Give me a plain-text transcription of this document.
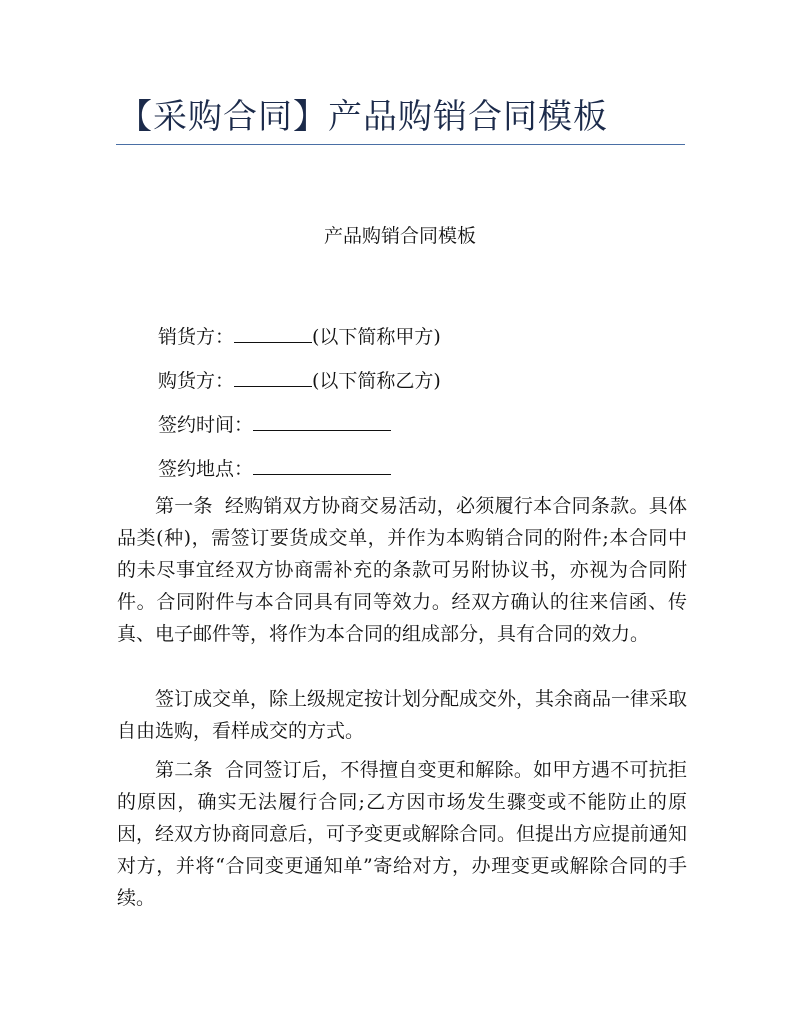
【采购合同】产品购销合同模板
产品购销合同模板
销货方：	(以下简称甲方)
购货方：	(以下简称乙方)
签约时间：
签约地点：

第一条 经购销双方协商交易活动，必须履行本合同条款。具体品类(种)，需签订要货成交单，并作为本购销合同的附件;本合同中的未尽事宜经双方协商需补充的条款可另附协议书，亦视为合同附件。合同附件与本合同具有同等效力。经双方确认的往来信函、传真、电子邮件等，将作为本合同的组成部分，具有合同的效力。

签订成交单，除上级规定按计划分配成交外，其余商品一律采取自由选购，看样成交的方式。

第二条 合同签订后，不得擅自变更和解除。如甲方遇不可抗拒的原因，确实无法履行合同;乙方因市场发生骤变或不能防止的原因，经双方协商同意后，可予变更或解除合同。但提出方应提前通知对方，并将“合同变更通知单”寄给对方，办理变更或解除合同的手续。
